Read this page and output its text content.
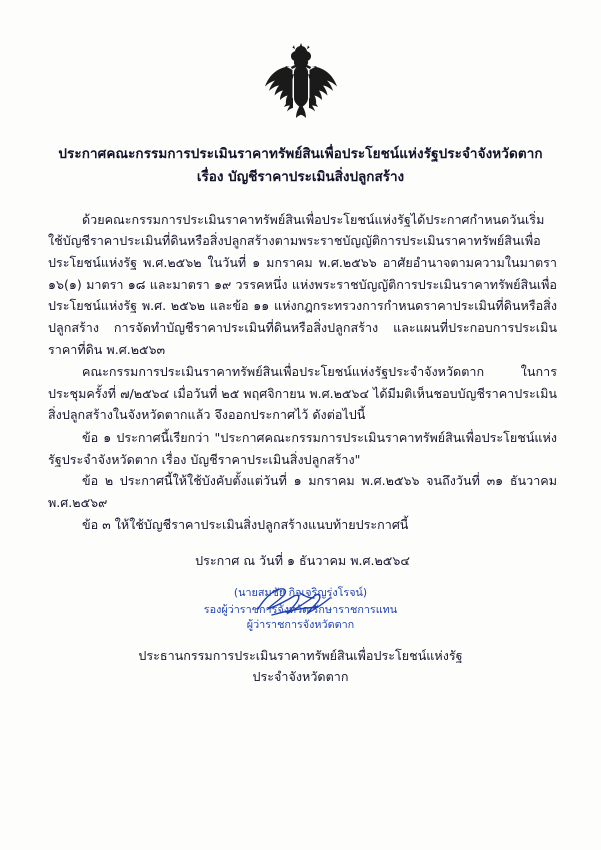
ประกาศคณะกรรมการประเมินราคาทรัพย์สินเพื่อประโยชน์แห่งรัฐประจำจังหวัดตาก
เรื่อง บัญชีราคาประเมินสิ่งปลูกสร้าง

ด้วยคณะกรรมการประเมินราคาทรัพย์สินเพื่อประโยชน์แห่งรัฐได้ประกาศกำหนดวันเริ่มใช้บัญชีราคาประเมินที่ดินหรือสิ่งปลูกสร้างตามพระราชบัญญัติการประเมินราคาทรัพย์สินเพื่อประโยชน์แห่งรัฐ พ.ศ.๒๕๖๒ ในวันที่ ๑ มกราคม พ.ศ.๒๕๖๖ อาศัยอำนาจตามความในมาตรา ๑๖(๑) มาตรา ๑๘ และมาตรา ๑๙ วรรคหนึ่ง แห่งพระราชบัญญัติการประเมินราคาทรัพย์สินเพื่อประโยชน์แห่งรัฐ พ.ศ. ๒๕๖๒ และข้อ ๑๑ แห่งกฎกระทรวงการกำหนดราคาประเมินที่ดินหรือสิ่งปลูกสร้าง การจัดทำบัญชีราคาประเมินที่ดินหรือสิ่งปลูกสร้าง และแผนที่ประกอบการประเมินราคาที่ดิน พ.ศ.๒๕๖๓

คณะกรรมการประเมินราคาทรัพย์สินเพื่อประโยชน์แห่งรัฐประจำจังหวัดตาก ในการประชุมครั้งที่ ๗/๒๕๖๔ เมื่อวันที่ ๒๕ พฤศจิกายน พ.ศ.๒๕๖๔ ได้มีมติเห็นชอบบัญชีราคาประเมินสิ่งปลูกสร้างในจังหวัดตากแล้ว จึงออกประกาศไว้ ดังต่อไปนี้

ข้อ ๑ ประกาศนี้เรียกว่า "ประกาศคณะกรรมการประเมินราคาทรัพย์สินเพื่อประโยชน์แห่งรัฐประจำจังหวัดตาก เรื่อง บัญชีราคาประเมินสิ่งปลูกสร้าง"

ข้อ ๒ ประกาศนี้ให้ใช้บังคับตั้งแต่วันที่ ๑ มกราคม พ.ศ.๒๕๖๖ จนถึงวันที่ ๓๑ ธันวาคม พ.ศ.๒๕๖๙

ข้อ ๓ ให้ใช้บัญชีราคาประเมินสิ่งปลูกสร้างแนบท้ายประกาศนี้

ประกาศ ณ วันที่ ๑ ธันวาคม พ.ศ.๒๕๖๔
(นายสมชัย กิจเจริญรุ่งโรจน์)
รองผู้ว่าราชการจังหวัด รักษาราชการแทน
ผู้ว่าราชการจังหวัดตาก
ประธานกรรมการประเมินราคาทรัพย์สินเพื่อประโยชน์แห่งรัฐ
ประจำจังหวัดตาก
